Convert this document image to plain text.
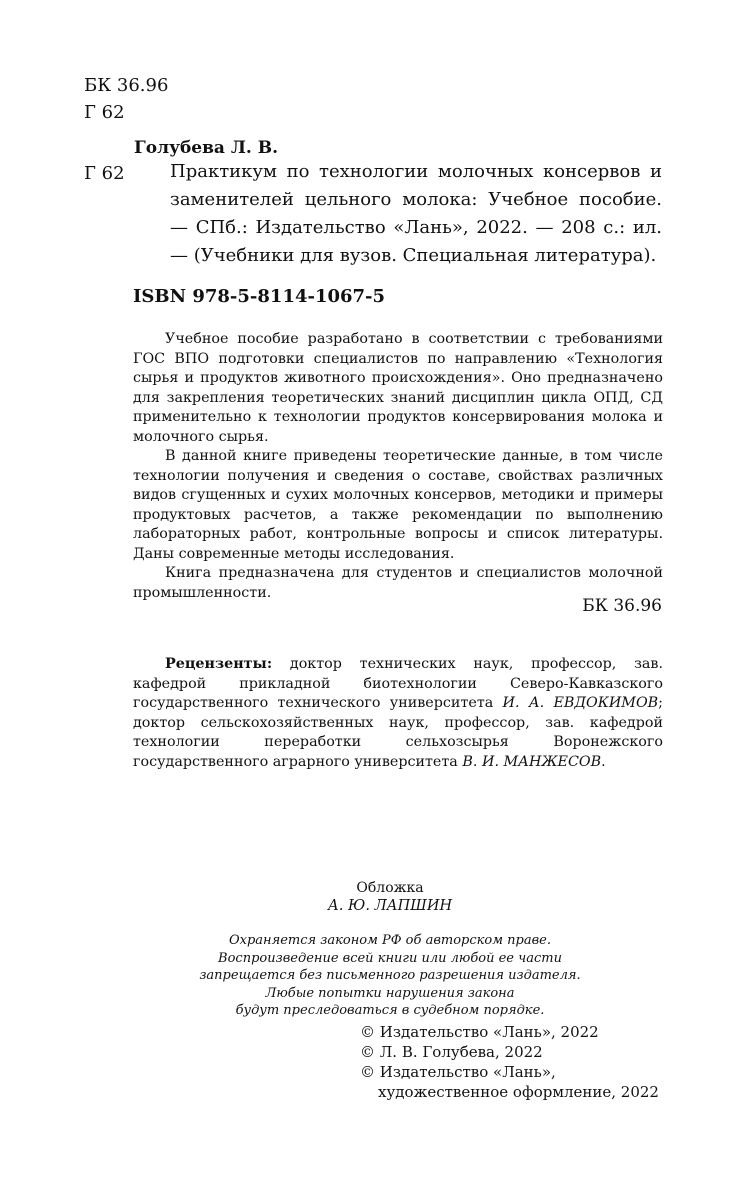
БК 36.96
Г 62
Голубева Л. В.
Г 62	Практикум по технологии молочных консервов и заменителей цельного молока: Учебное пособие. — СПб.: Издательство «Лань», 2022. — 208 с.: ил. — (Учебники для вузов. Специальная литература).

ISBN 978-5-8114-1067-5

Учебное пособие разработано в соответствии с требованиями ГОС ВПО подготовки специалистов по направлению «Технология сырья и продуктов животного происхождения». Оно предназначено для закрепления теоретических знаний дисциплин цикла ОПД, СД применительно к технологии продуктов консервирования молока и молочного сырья.

В данной книге приведены теоретические данные, в том числе технологии получения и сведения о составе, свойствах различных видов сгущенных и сухих молочных консервов, методики и примеры продуктовых расчетов, а также рекомендации по выполнению лабораторных работ, контрольные вопросы и список литературы. Даны современные методы исследования.

Книга предназначена для студентов и специалистов молочной промышленности.

БК 36.96
Рецензенты: доктор технических наук, профессор, зав. кафедрой прикладной биотехнологии Северо-Кавказского государственного технического университета И. А. ЕВДОКИМОВ; доктор сельскохозяйственных наук, профессор, зав. кафедрой технологии переработки сельхозсырья Воронежского государственного аграрного университета В. И. МАНЖЕСОВ.
Обложка
А. Ю. ЛАПШИН
Охраняется законом РФ об авторском праве.
Воспроизведение всей книги или любой ее части
запрещается без письменного разрешения издателя.
Любые попытки нарушения закона
будут преследоваться в судебном порядке.
© Издательство «Лань», 2022
© Л. В. Голубева, 2022
© Издательство «Лань»,
художественное оформление, 2022
